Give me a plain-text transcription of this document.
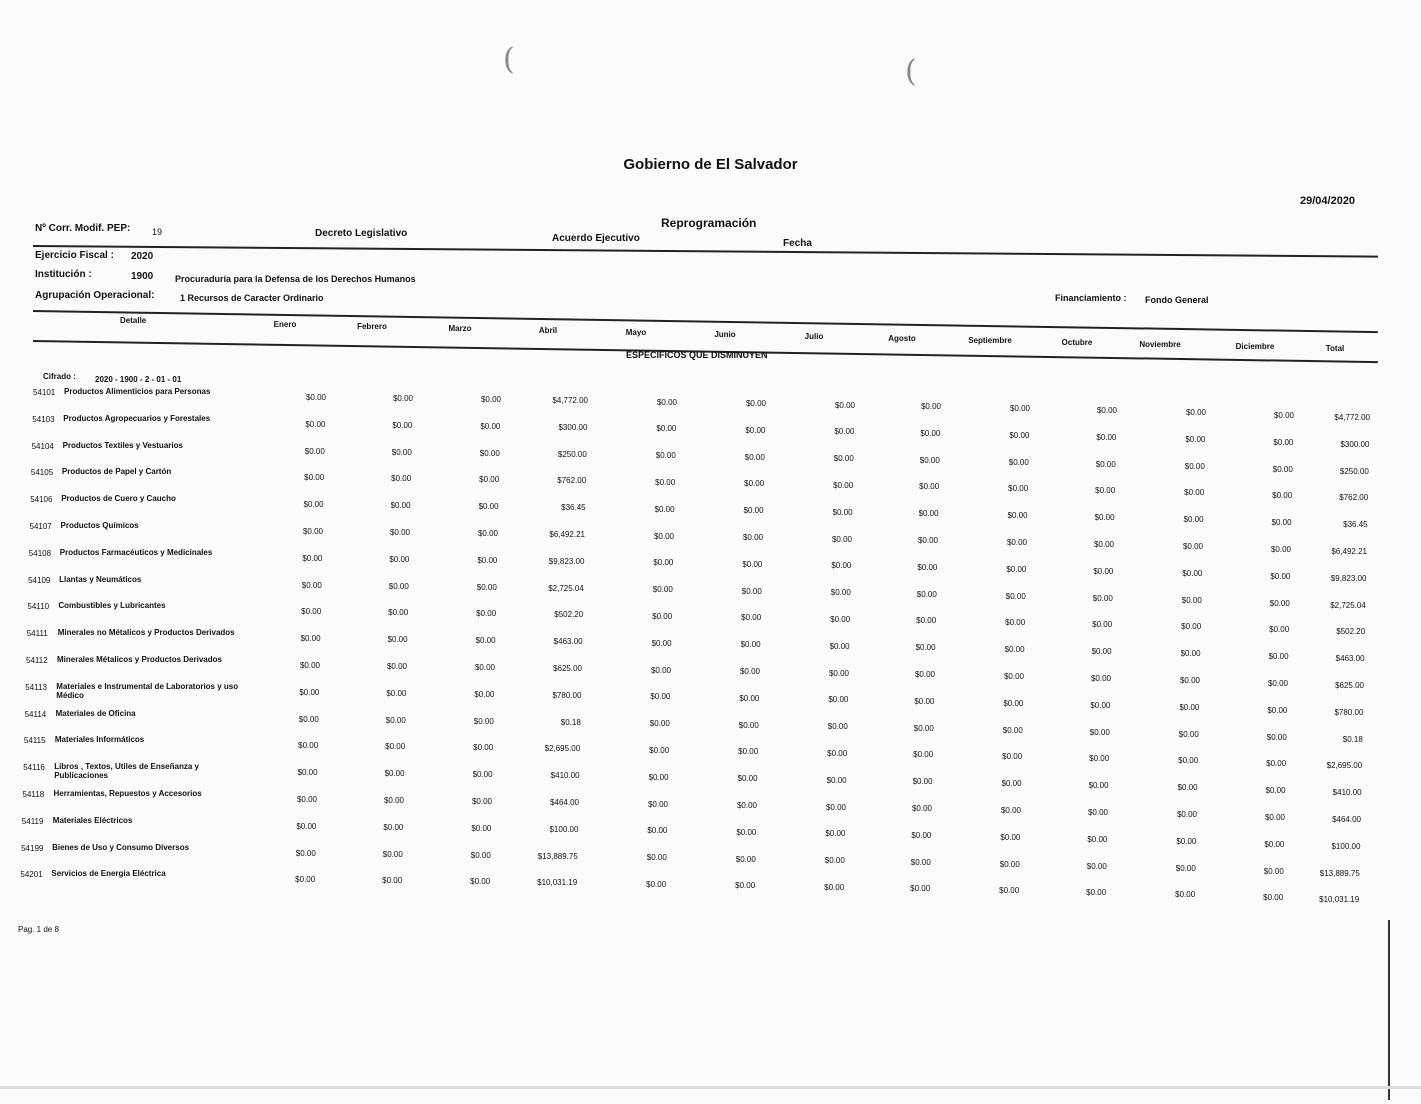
(	(
Gobierno de El Salvador
29/04/2020
Nº Corr. Modif. PEP: 19	Decreto Legislativo
Reprogramación
Acuerdo Ejecutivo	Fecha
Ejercicio Fiscal : 2020
Institución :	1900 Procuraduría para la Defensa de los Derechos Humanos
Agrupación Operacional:	1 Recursos de Caracter Ordinario	Financiamiento : Fondo General
Detalle	Enero	Febrero	Marzo	Abril	Mayo	Junio	Julio	Agosto	Septiembre	Octubre	Noviembre	Diciembre	Total
ESPECIFICOS QUE DISMINUYEN
Cifrado : 2020 - 1900 - 2 - 01 - 01
54101 Productos Alimenticios para Personas
$0.00	$0.00	$0.00	$4,772.00	$0.00	$0.00	$0.00	$0.00	$0.00	$0.00	$0.00	$0.00	$4,772.00
54103 Productos Agropecuarios y Forestales
$0.00	$0.00	$0.00	$300.00	$0.00	$0.00	$0.00	$0.00	$0.00	$0.00	$0.00	$0.00	$300.00
54104 Productos Textiles y Vestuarios
$0.00	$0.00	$0.00	$250.00	$0.00	$0.00	$0.00	$0.00	$0.00	$0.00	$0.00	$0.00	$250.00
54105 Productos de Papel y Cartón
$0.00	$0.00	$0.00	$762.00	$0.00	$0.00	$0.00	$0.00	$0.00	$0.00	$0.00	$0.00	$762.00
54106 Productos de Cuero y Caucho
$0.00	$0.00	$0.00	$36.45	$0.00	$0.00	$0.00	$0.00	$0.00	$0.00	$0.00	$0.00	$36.45
54107 Productos Químicos
$0.00	$0.00	$0.00	$6,492.21	$0.00	$0.00	$0.00	$0.00	$0.00	$0.00	$0.00	$0.00	$6,492.21
54108 Productos Farmacéuticos y Medicinales
$0.00	$0.00	$0.00	$9,823.00	$0.00	$0.00	$0.00	$0.00	$0.00	$0.00	$0.00	$0.00	$9,823.00
54109 Llantas y Neumáticos
$0.00	$0.00	$0.00	$2,725.04	$0.00	$0.00	$0.00	$0.00	$0.00	$0.00	$0.00	$0.00	$2,725.04
54110 Combustibles y Lubricantes
$0.00	$0.00	$0.00	$502.20	$0.00	$0.00	$0.00	$0.00	$0.00	$0.00	$0.00	$0.00	$502.20
54111 Minerales no Métalicos y Productos Derivados
$0.00	$0.00	$0.00	$463.00	$0.00	$0.00	$0.00	$0.00	$0.00	$0.00	$0.00	$0.00	$463.00
54112 Minerales Métalicos y Productos Derivados
$0.00	$0.00	$0.00	$625.00	$0.00	$0.00	$0.00	$0.00	$0.00	$0.00	$0.00	$0.00	$625.00
54113 Materiales e Instrumental de Laboratorios y uso Médico	$0.00	$0.00	$0.00	$780.00	$0.00	$0.00	$0.00	$0.00	$0.00	$0.00	$0.00	$0.00	$780.00
54114 Materiales de Oficina
$0.00	$0.00	$0.00	$0.18	$0.00	$0.00	$0.00	$0.00	$0.00	$0.00	$0.00	$0.00	$0.18
54115 Materiales Informáticos
$0.00	$0.00	$0.00	$2,695.00	$0.00	$0.00	$0.00	$0.00	$0.00	$0.00	$0.00	$0.00	$2,695.00
54116 Libros , Textos, Utiles de Enseñanza y Publicaciones	$0.00	$0.00	$0.00	$410.00	$0.00	$0.00	$0.00	$0.00	$0.00	$0.00	$0.00	$0.00	$410.00
54118 Herramientas, Repuestos y Accesorios
$0.00	$0.00	$0.00	$464.00	$0.00	$0.00	$0.00	$0.00	$0.00	$0.00	$0.00	$0.00	$464.00
54119 Materiales Eléctricos
$0.00	$0.00	$0.00	$100.00	$0.00	$0.00	$0.00	$0.00	$0.00	$0.00	$0.00	$0.00	$100.00
54199 Bienes de Uso y Consumo Diversos
$0.00	$0.00	$0.00	$13,889.75	$0.00	$0.00	$0.00	$0.00	$0.00	$0.00	$0.00	$0.00	$13,889.75
54201 Servicios de Energía Eléctrica
$0.00	$0.00	$0.00	$10,031.19	$0.00	$0.00	$0.00	$0.00	$0.00	$0.00	$0.00	$0.00	$10,031.19
Pag. 1 de 8
